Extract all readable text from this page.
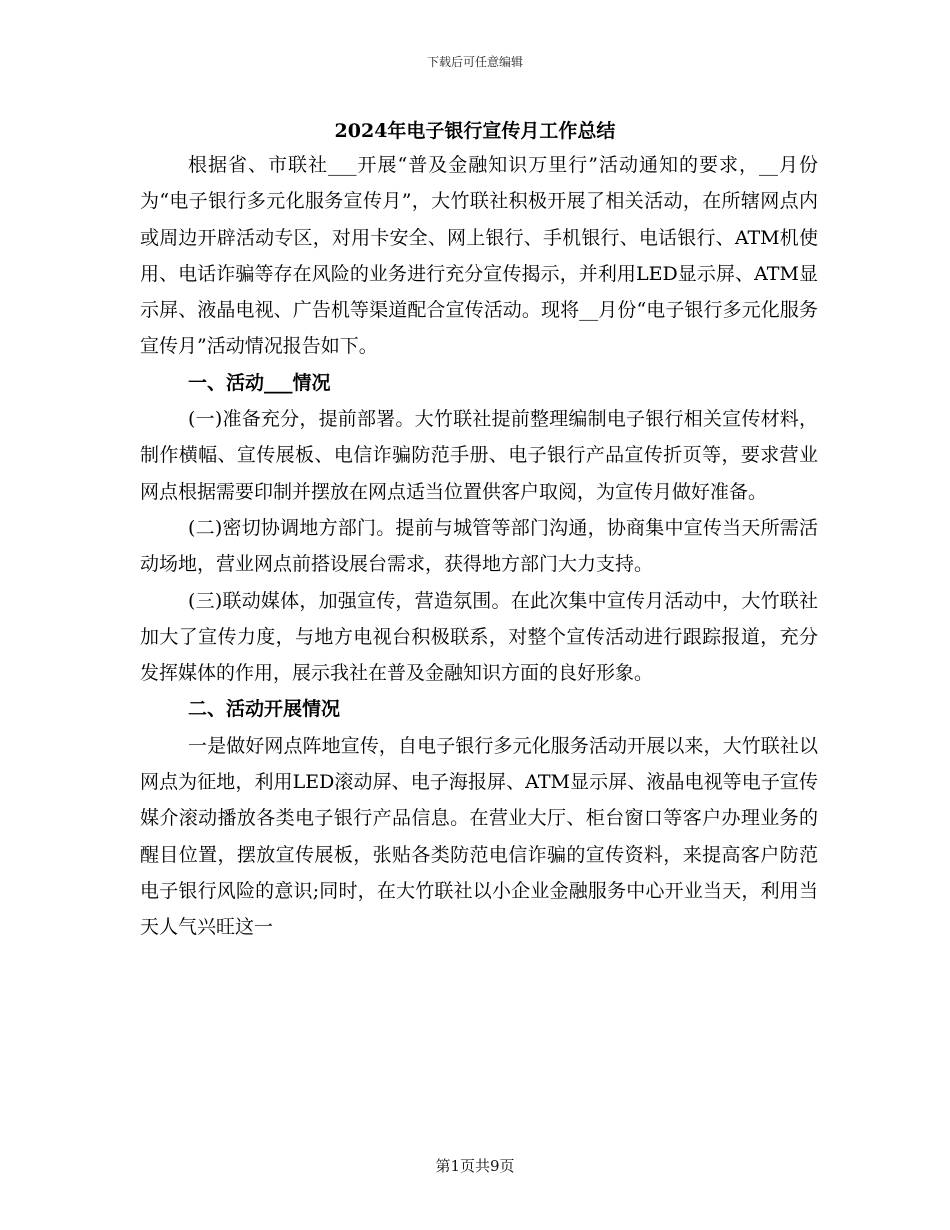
下载后可任意编辑
2024年电子银行宣传月工作总结

根据省、市联社___开展“普及金融知识万里行”活动通知的要求，__月份为“电子银行多元化服务宣传月”，大竹联社积极开展了相关活动，在所辖网点内或周边开辟活动专区，对用卡安全、网上银行、手机银行、电话银行、ATM机使用、电话诈骗等存在风险的业务进行充分宣传揭示，并利用LED显示屏、ATM显示屏、液晶电视、广告机等渠道配合宣传活动。现将__月份“电子银行多元化服务宣传月”活动情况报告如下。

一、活动___情况

(一)准备充分，提前部署。大竹联社提前整理编制电子银行相关宣传材料，制作横幅、宣传展板、电信诈骗防范手册、电子银行产品宣传折页等，要求营业网点根据需要印制并摆放在网点适当位置供客户取阅，为宣传月做好准备。

(二)密切协调地方部门。提前与城管等部门沟通，协商集中宣传当天所需活动场地，营业网点前搭设展台需求，获得地方部门大力支持。

(三)联动媒体，加强宣传，营造氛围。在此次集中宣传月活动中，大竹联社加大了宣传力度，与地方电视台积极联系，对整个宣传活动进行跟踪报道，充分发挥媒体的作用，展示我社在普及金融知识方面的良好形象。

二、活动开展情况

一是做好网点阵地宣传，自电子银行多元化服务活动开展以来，大竹联社以网点为征地，利用LED滚动屏、电子海报屏、ATM显示屏、液晶电视等电子宣传媒介滚动播放各类电子银行产品信息。在营业大厅、柜台窗口等客户办理业务的醒目位置，摆放宣传展板，张贴各类防范电信诈骗的宣传资料，来提高客户防范电子银行风险的意识;同时，在大竹联社以小企业金融服务中心开业当天，利用当天人气兴旺这一

第1页共9页
